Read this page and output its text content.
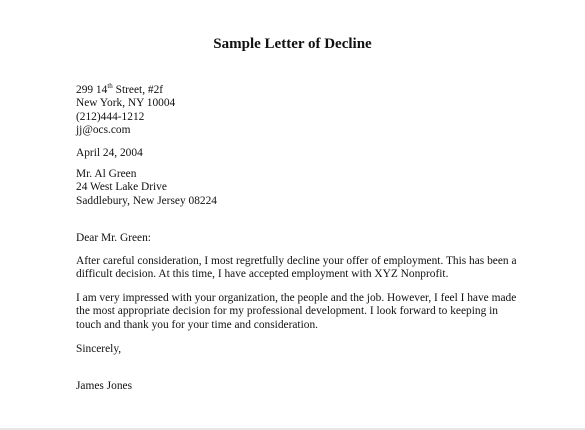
Sample Letter of Decline
299 14th Street, #2f
New York, NY 10004
(212)444-1212
jj@ocs.com
April 24, 2004
Mr. Al Green
24 West Lake Drive
Saddlebury, New Jersey 08224
Dear Mr. Green:
After careful consideration, I most regretfully decline your offer of employment. This has been a
difficult decision. At this time, I have accepted employment with XYZ Nonprofit.
I am very impressed with your organization, the people and the job. However, I feel I have made
the most appropriate decision for my professional development. I look forward to keeping in
touch and thank you for your time and consideration.
Sincerely,
James Jones
